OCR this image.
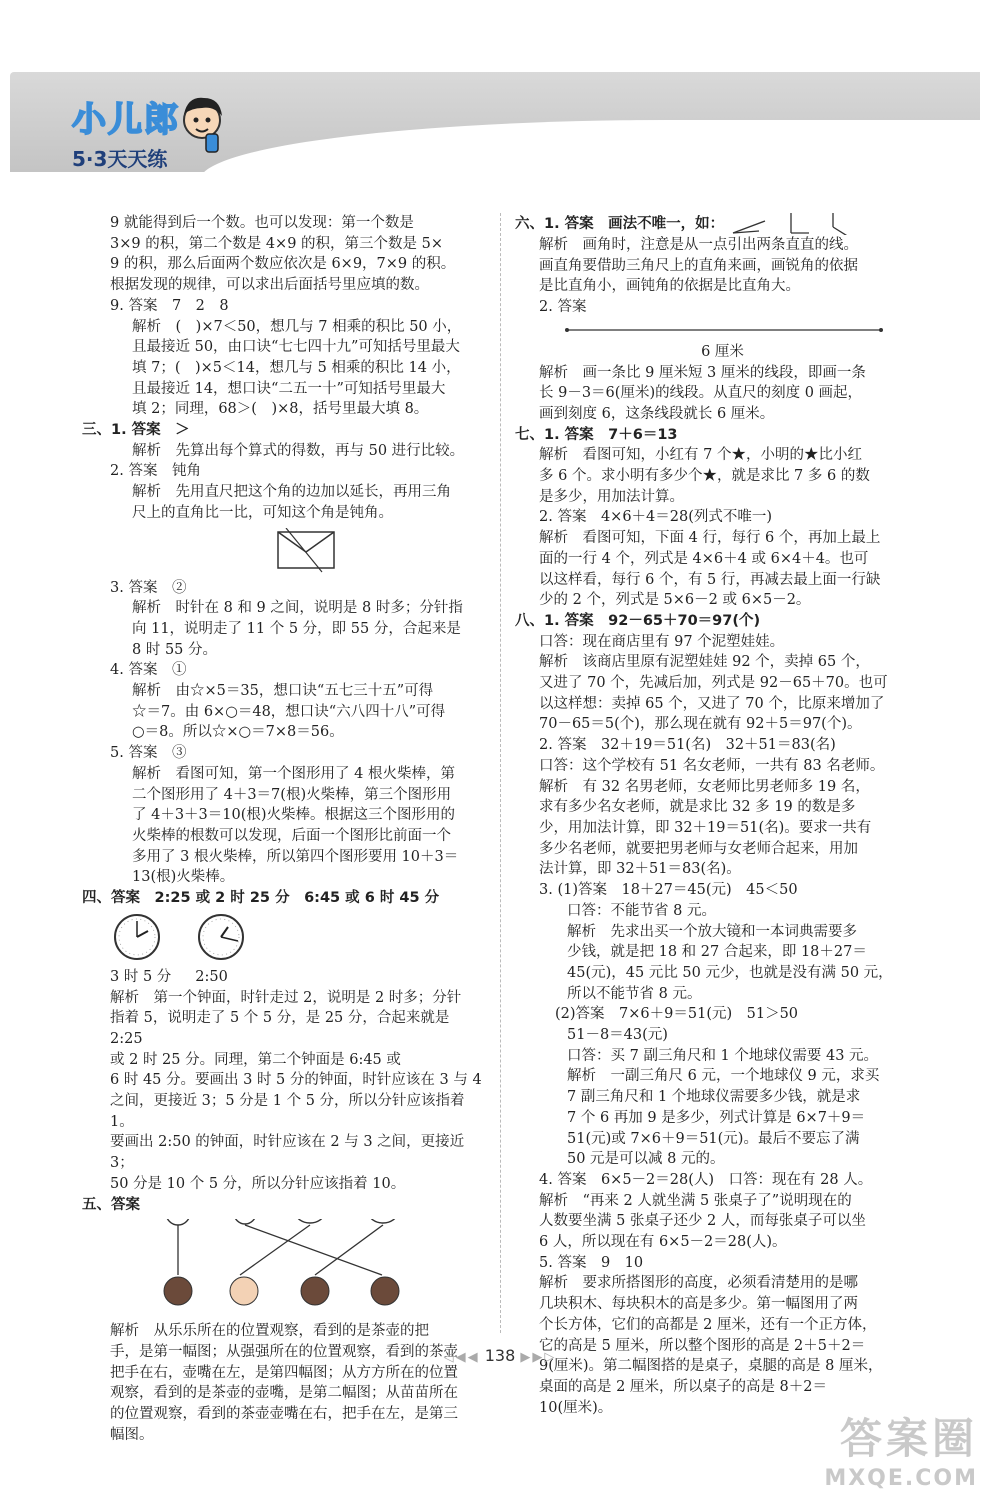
小儿郎
5·3天天练

9 就能得到后一个数。也可以发现：第一个数是

3×9 的积，第二个数是 4×9 的积，第三个数是 5×

9 的积，那么后面两个数应依次是 6×9，7×9 的积。

根据发现的规律，可以求出后面括号里应填的数。

9. 答案　7　2　8

解析　(　)×7＜50，想几与 7 相乘的积比 50 小，

且最接近 50，由口诀“七七四十九”可知括号里最大

填 7；(　)×5＜14，想几与 5 相乘的积比 14 小，

且最接近 14，想口诀“二五一十”可知括号里最大

填 2；同理，68＞(　)×8，括号里最大填 8。

三、1. 答案　＞

解析　先算出每个算式的得数，再与 50 进行比较。

2. 答案　钝角

解析　先用直尺把这个角的边加以延长，再用三角

尺上的直角比一比，可知这个角是钝角。

3. 答案　②

解析　时针在 8 和 9 之间，说明是 8 时多；分针指

向 11，说明走了 11 个 5 分，即 55 分，合起来是

8 时 55 分。

4. 答案　①

解析　由☆×5＝35，想口诀“五七三十五”可得

☆＝7。由 6×○＝48，想口诀“六八四十八”可得

○＝8。所以☆×○＝7×8＝56。

5. 答案　③

解析　看图可知，第一个图形用了 4 根火柴棒，第

二个图形用了 4＋3＝7(根)火柴棒，第三个图形用

了 4＋3＋3＝10(根)火柴棒。根据这三个图形用的

火柴棒的根数可以发现，后面一个图形比前面一个

多用了 3 根火柴棒，所以第四个图形要用 10＋3＝

13(根)火柴棒。

四、答案　2:25 或 2 时 25 分　6:45 或 6 时 45 分

3 时 5 分 2:50

解析　第一个钟面，时针走过 2，说明是 2 时多；分针

指着 5，说明走了 5 个 5 分，是 25 分，合起来就是 2:25

或 2 时 25 分。同理，第二个钟面是 6:45 或

6 时 45 分。要画出 3 时 5 分的钟面，时针应该在 3 与 4

之间，更接近 3；5 分是 1 个 5 分，所以分针应该指着 1。

要画出 2:50 的钟面，时针应该在 2 与 3 之间，更接近 3；

50 分是 10 个 5 分，所以分针应该指着 10。

五、答案

解析　从乐乐所在的位置观察，看到的是茶壶的把

手，是第一幅图；从强强所在的位置观察，看到的茶壶

把手在右，壶嘴在左，是第四幅图；从方方所在的位置

观察，看到的是茶壶的壶嘴，是第二幅图；从苗苗所在

的位置观察，看到的茶壶壶嘴在右，把手在左，是第三

幅图。

六、1. 答案　画法不唯一，如：

解析　画角时，注意是从一点引出两条直直的线。

画直角要借助三角尺上的直角来画，画锐角的依据

是比直角小，画钝角的依据是比直角大。

2. 答案

6 厘米

解析　画一条比 9 厘米短 3 厘米的线段，即画一条

长 9－3＝6(厘米)的线段。从直尺的刻度 0 画起，

画到刻度 6，这条线段就长 6 厘米。

七、1. 答案　7＋6＝13

解析　看图可知，小红有 7 个★，小明的★比小红

多 6 个。求小明有多少个★，就是求比 7 多 6 的数

是多少，用加法计算。

2. 答案　4×6＋4＝28(列式不唯一)

解析　看图可知，下面 4 行，每行 6 个，再加上最上

面的一行 4 个，列式是 4×6＋4 或 6×4＋4。也可

以这样看，每行 6 个，有 5 行，再减去最上面一行缺

少的 2 个，列式是 5×6－2 或 6×5－2。

八、1. 答案　92－65＋70＝97(个)

口答：现在商店里有 97 个泥塑娃娃。

解析　该商店里原有泥塑娃娃 92 个，卖掉 65 个，

又进了 70 个，先减后加，列式是 92－65＋70。也可

以这样想：卖掉 65 个，又进了 70 个，比原来增加了

70－65＝5(个)，那么现在就有 92＋5＝97(个)。

2. 答案　32＋19＝51(名)　32＋51＝83(名)

口答：这个学校有 51 名女老师，一共有 83 名老师。

解析　有 32 名男老师，女老师比男老师多 19 名，

求有多少名女老师，就是求比 32 多 19 的数是多

少，用加法计算，即 32＋19＝51(名)。要求一共有

多少名老师，就要把男老师与女老师合起来，用加

法计算，即 32＋51＝83(名)。

3. (1)答案　18＋27＝45(元)　45＜50

口答：不能节省 8 元。

解析　先求出买一个放大镜和一本词典需要多

少钱，就是把 18 和 27 合起来，即 18＋27＝

45(元)，45 元比 50 元少，也就是没有满 50 元，

所以不能节省 8 元。

(2)答案　7×6＋9＝51(元)　51＞50

51－8＝43(元)

口答：买 7 副三角尺和 1 个地球仪需要 43 元。

解析　一副三角尺 6 元，一个地球仪 9 元，求买

7 副三角尺和 1 个地球仪需要多少钱，就是求

7 个 6 再加 9 是多少，列式计算是 6×7＋9＝

51(元)或 7×6＋9＝51(元)。最后不要忘了满

50 元是可以减 8 元的。

4. 答案　6×5－2＝28(人)　口答：现在有 28 人。

解析　“再来 2 人就坐满 5 张桌子了”说明现在的

人数要坐满 5 张桌子还少 2 人，而每张桌子可以坐

6 人，所以现在有 6×5－2＝28(人)。

5. 答案　9　10

解析　要求所搭图形的高度，必须看清楚用的是哪

几块积木、每块积木的高是多少。第一幅图用了两

个长方体，它们的高都是 2 厘米，还有一个正方体，

它的高是 5 厘米，所以整个图形的高是 2＋5＋2＝

9(厘米)。第二幅图搭的是桌子，桌腿的高是 8 厘米，

桌面的高是 2 厘米，所以桌子的高是 8＋2＝

10(厘米)。

◁◀◀ 138 ▶▶▷
答案圈
MXQE.COM
